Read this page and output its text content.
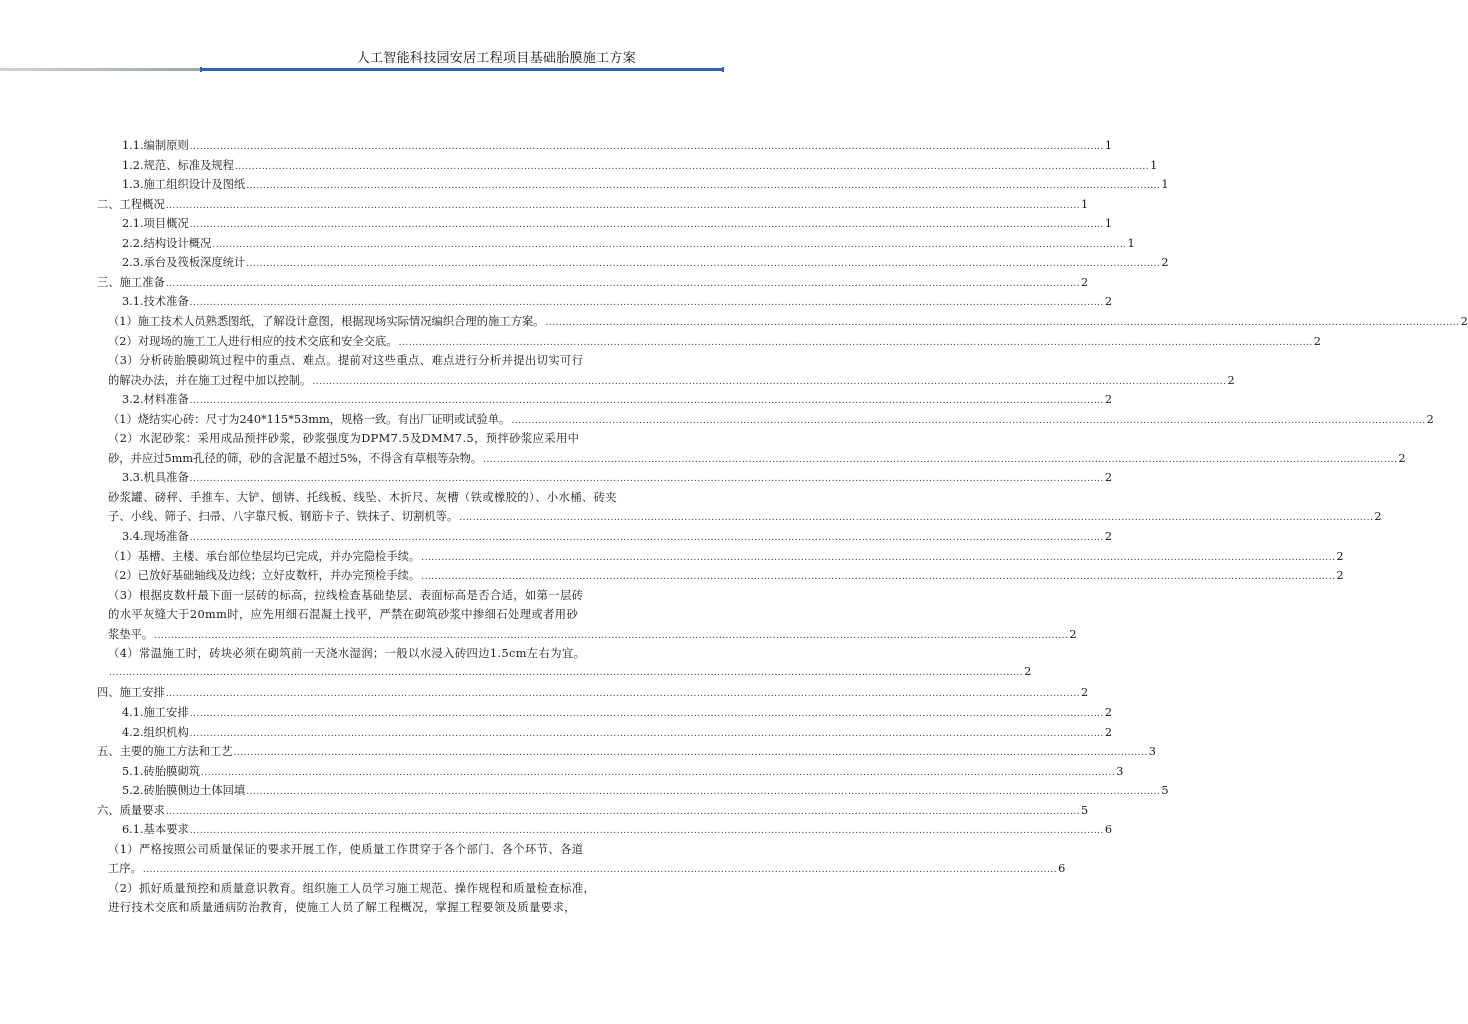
人工智能科技园安居工程项目基础胎膜施工方案
1.1.编制原则 .....	1
1.2.规范、标准及规程 .....	1
1.3.施工组织设计及图纸 .....	1
二、 工程概况 .....	1
2.1.项目概况 .....	1
2.2.结构设计概况 .....	1
2.3.承台及筏板深度统计 .....	2
三、 施工准备 .....	2
3.1.技术准备 .....	2
（1）施工技术人员熟悉图纸，了解设计意图，根据现场实际情况编织合理的施工方案。 .....	2
（2）对现场的施工工人进行相应的技术交底和安全交底。 .....	2
（3）分析砖胎膜砌筑过程中的重点、难点。提前对这些重点、难点进行分析并提出切实可行
的解决办法，并在施工过程中加以控制。 .....	2
3.2.材料准备 .....	2
（1）烧结实心砖：尺寸为240*115*53mm，规格一致。有出厂证明或试验单。 .....	2
（2）水泥砂浆：采用成品预拌砂浆，砂浆强度为DPM7.5及DMM7.5，预拌砂浆应采用中
砂，并应过5mm孔径的筛，砂的含泥量不超过5%，不得含有草根等杂物。 .....	2
3.3.机具准备 .....	2
砂浆罐、磅秤、手推车、大铲、刨锛、托线板、线坠、木折尺、灰槽（铁或橡胶的）、小水桶、砖夹
子、小线、筛子、扫帚、八字靠尺板、钢筋卡子、铁抹子、切割机等。 .....	2
3.4.现场准备 .....	2
（1）基槽、主楼、承台部位垫层均已完成，并办完隐检手续。 .....	2
（2）已放好基础轴线及边线；立好皮数杆，并办完预检手续。 .....	2
（3）根据皮数杆最下面一层砖的标高，拉线检查基础垫层、表面标高是否合适，如第一层砖
的水平灰缝大于20mm时，应先用细石混凝土找平，严禁在砌筑砂浆中掺细石处理或者用砂
浆垫平。 .....	2
（4）常温施工时，砖块必须在砌筑前一天浇水湿润；一般以水浸入砖四边1.5cm左右为宜。
.....
2
四、 施工安排 .....	2
4.1.施工安排 .....	2
4.2.组织机构 .....	2
五、 主要的施工方法和工艺 .....	3
5.1.砖胎膜砌筑 .....	3
5.2.砖胎膜侧边土体回填 .....	5
六、 质量要求 .....	5
6.1.基本要求 .....	6
（1）严格按照公司质量保证的要求开展工作，使质量工作贯穿于各个部门、各个环节、各道
工序。 .....	6
（2）抓好质量预控和质量意识教育。组织施工人员学习施工规范、操作规程和质量检查标准，
进行技术交底和质量通病防治教育，使施工人员了解工程概况，掌握工程要领及质量要求，
